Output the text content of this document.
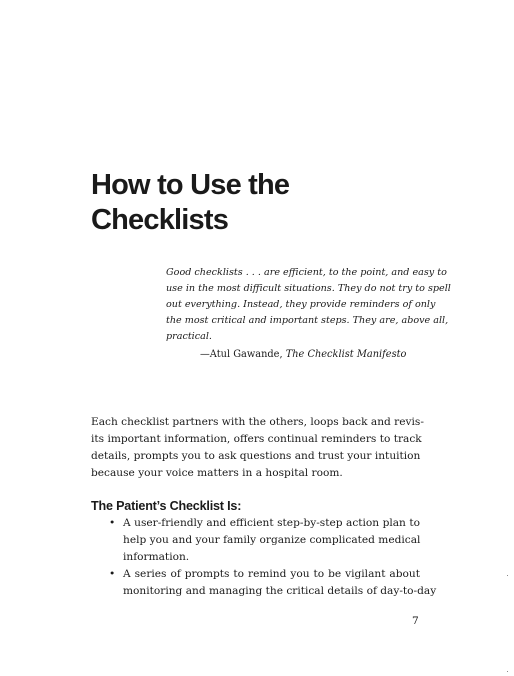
How to Use the
Checklists
Good checklists . . . are efficient, to the point, and easy to
use in the most difficult situations. They do not try to spell
out everything. Instead, they provide reminders of only
the most critical and important steps. They are, above all,
practical.
—Atul Gawande, The Checklist Manifesto
Each checklist partners with the others, loops back and revis-
its important information, offers continual reminders to track
details, prompts you to ask questions and trust your intuition
because your voice matters in a hospital room.
The Patient’s Checklist Is:
• A user-friendly and efficient step-by-step action plan to
help you and your family organize complicated medical
information.
• A series of prompts to remind you to be vigilant about
monitoring and managing the critical details of day-to-day
7
